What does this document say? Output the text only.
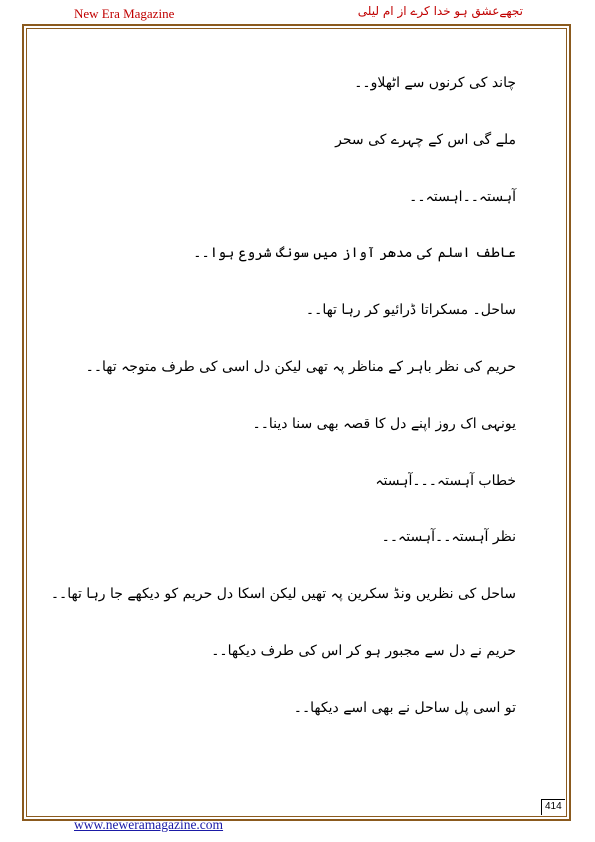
New Era Magazine	تجھےعشق ہو خدا کرے از ام لیلی
چاند کی کرنوں سے اٹھلاو۔۔
ملے گی اس کے چہرے کی سحر
آہستہ۔۔اہستہ۔۔
عاطف اسلم کی مدھر آواز میں سونگ شروع ہوا۔۔
ساحل۔ مسکراتا ڈرائیو کر رہا تھا۔۔
حریم کی نظر باہر کے مناظر پہ تھی لیکن دل اسی کی طرف متوجہ تھا۔۔
یونہی اک روز اپنے دل کا قصہ بھی سنا دینا۔۔
خطاب آہستہ۔۔۔آہستہ
نظر آہستہ۔۔آہستہ۔۔
ساحل کی نظریں ونڈ سکرین پہ تھیں لیکن اسکا دل حریم کو دیکھے جا رہا تھا۔۔
حریم نے دل سے مجبور ہو کر اس کی طرف دیکھا۔۔
تو اسی پل ساحل نے بھی اسے دیکھا۔۔
414
www.neweramagazine.com
